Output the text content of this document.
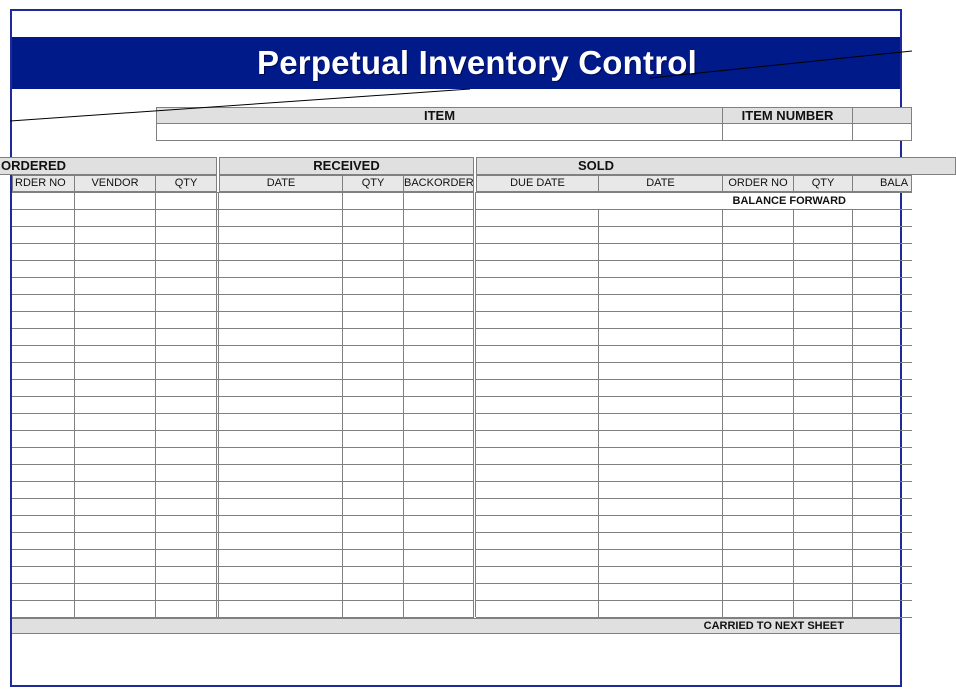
Perpetual Inventory Control
ITEM	ITEM NUMBER
ORDERED	RECEIVED	SOLD
RDER NO	VENDOR	QTY	DATE	QTY	BACKORDER	DUE DATE	DATE	ORDER NO	QTY	BALA
BALANCE FORWARD
CARRIED TO NEXT SHEET
